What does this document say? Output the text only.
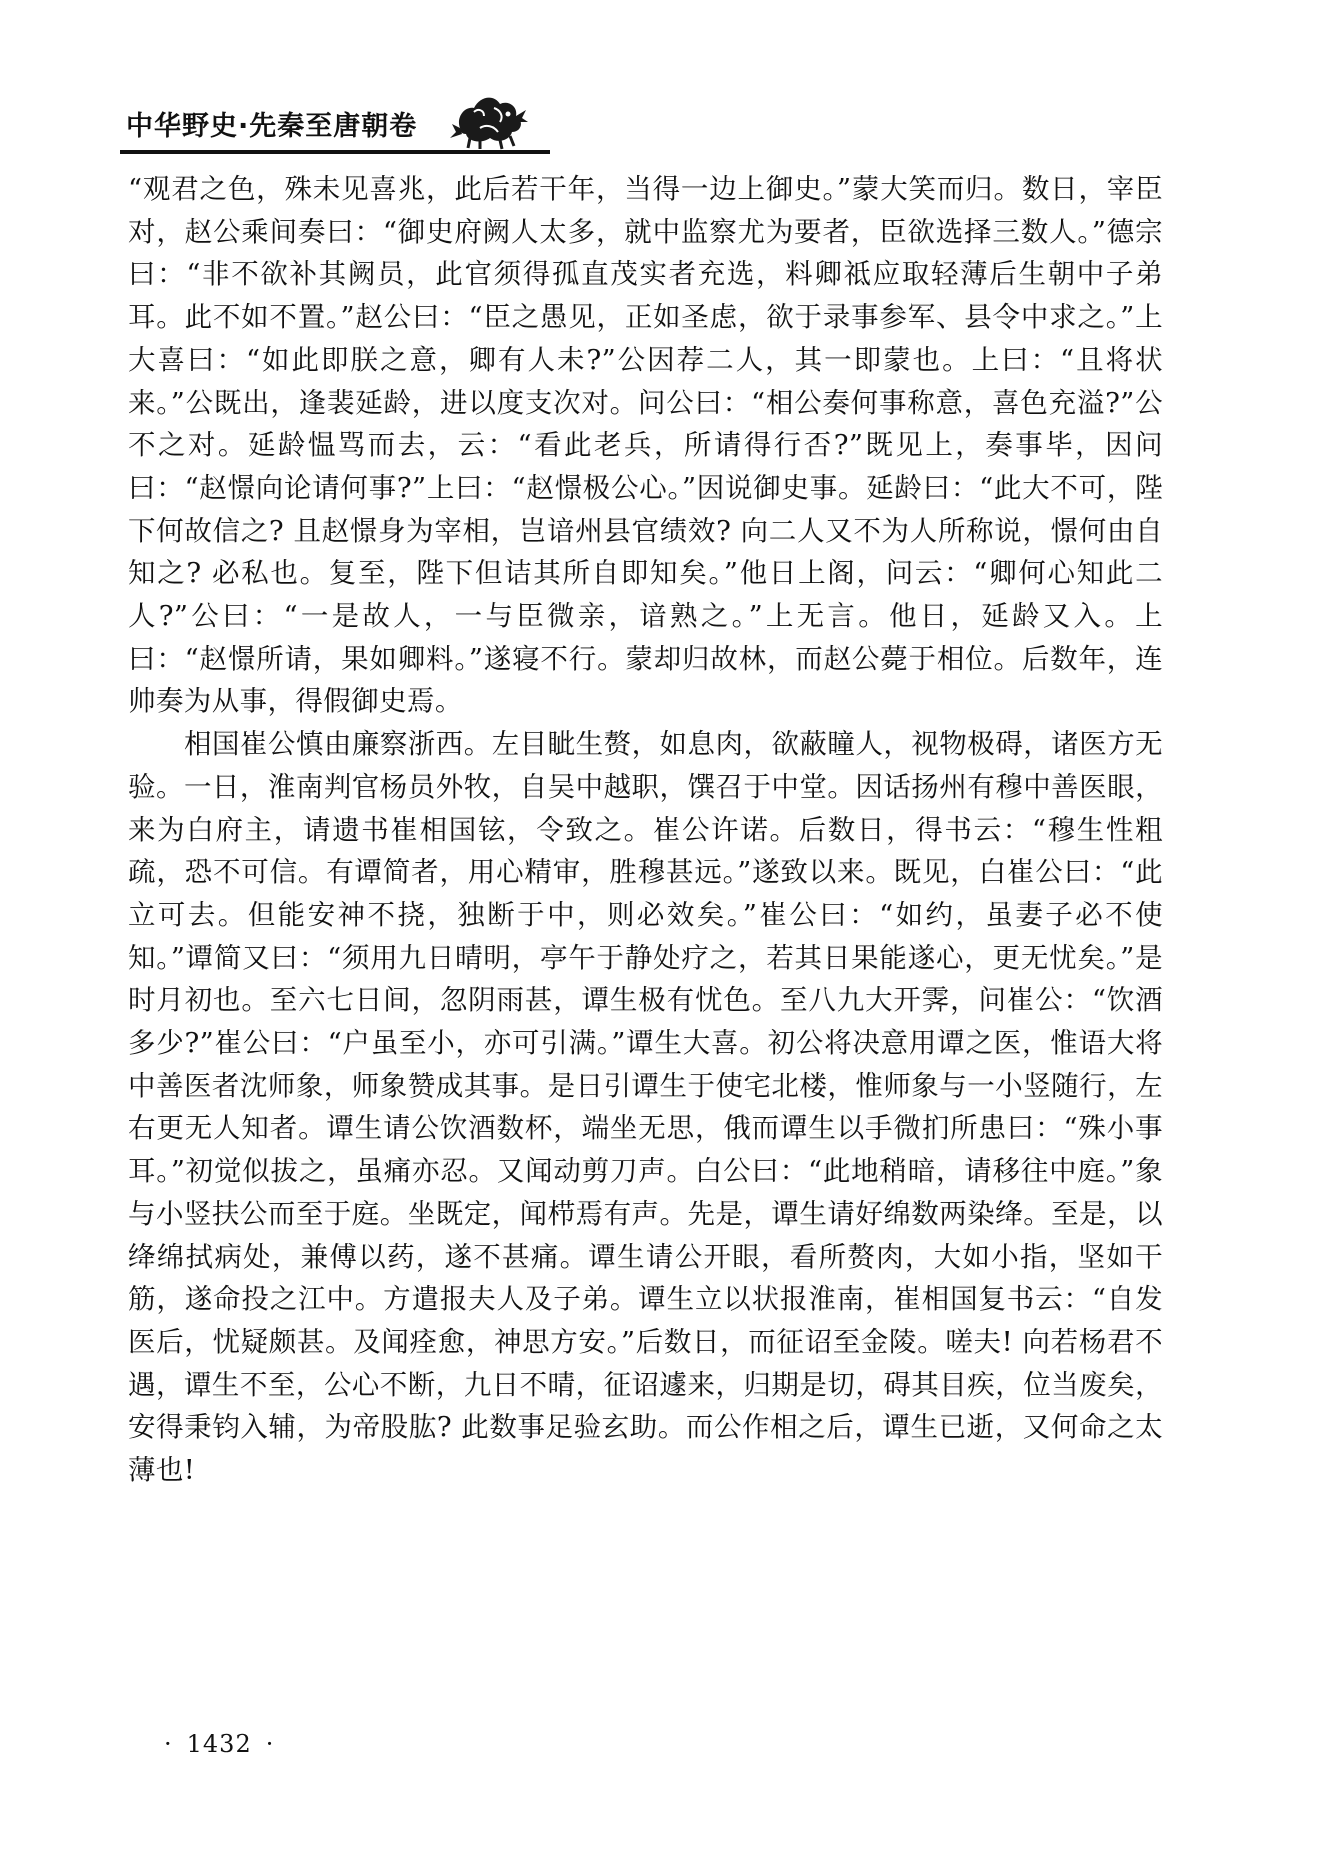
中华野史·先秦至唐朝卷

“观君之色，殊未见喜兆，此后若干年，当得一边上御史。”蒙大笑而归。数日，宰臣对，赵公乘间奏曰：“御史府阙人太多，就中监察尤为要者，臣欲选择三数人。”德宗曰：“非不欲补其阙员，此官须得孤直茂实者充选，料卿祗应取轻薄后生朝中子弟耳。此不如不置。”赵公曰：“臣之愚见，正如圣虑，欲于录事参军、县令中求之。”上大喜曰：“如此即朕之意，卿有人未?”公因荐二人，其一即蒙也。上曰：“且将状来。”公既出，逢裴延龄，进以度支次对。问公曰：“相公奏何事称意，喜色充溢?”公不之对。延龄愠骂而去，云：“看此老兵，所请得行否?”既见上，奏事毕，因问曰：“赵憬向论请何事?”上曰：“赵憬极公心。”因说御史事。延龄曰：“此大不可，陛下何故信之? 且赵憬身为宰相，岂谙州县官绩效? 向二人又不为人所称说，憬何由自知之? 必私也。复至，陛下但诘其所自即知矣。”他日上阁，问云：“卿何心知此二人?”公曰：“一是故人，一与臣微亲，谙熟之。”上无言。他日，延龄又入。上曰：“赵憬所请，果如卿料。”遂寝不行。蒙却归故林，而赵公薨于相位。后数年，连帅奏为从事，得假御史焉。

相国崔公慎由廉察浙西。左目眦生赘，如息肉，欲蔽瞳人，视物极碍，诸医方无验。一日，淮南判官杨员外牧，自吴中越职，馔召于中堂。因话扬州有穆中善医眼，来为白府主，请遗书崔相国铉，令致之。崔公许诺。后数日，得书云：“穆生性粗疏，恐不可信。有谭简者，用心精审，胜穆甚远。”遂致以来。既见，白崔公曰：“此立可去。但能安神不挠，独断于中，则必效矣。”崔公曰：“如约，虽妻子必不使知。”谭简又曰：“须用九日晴明，亭午于静处疗之，若其日果能遂心，更无忧矣。”是时月初也。至六七日间，忽阴雨甚，谭生极有忧色。至八九大开霁，问崔公：“饮酒多少?”崔公曰：“户虽至小，亦可引满。”谭生大喜。初公将决意用谭之医，惟语大将中善医者沈师象，师象赞成其事。是日引谭生于使宅北楼，惟师象与一小竖随行，左右更无人知者。谭生请公饮酒数杯，端坐无思，俄而谭生以手微扪所患曰：“殊小事耳。”初觉似拔之，虽痛亦忍。又闻动剪刀声。白公曰：“此地稍暗，请移往中庭。”象与小竖扶公而至于庭。坐既定，闻栉焉有声。先是，谭生请好绵数两染绛。至是，以绛绵拭病处，兼傅以药，遂不甚痛。谭生请公开眼，看所赘肉，大如小指，坚如干筋，遂命投之江中。方遣报夫人及子弟。谭生立以状报淮南，崔相国复书云：“自发医后，忧疑颇甚。及闻痊愈，神思方安。”后数日，而征诏至金陵。嗟夫! 向若杨君不遇，谭生不至，公心不断，九日不晴，征诏遽来，归期是切，碍其目疾，位当废矣，安得秉钧入辅，为帝股肱? 此数事足验玄助。而公作相之后，谭生已逝，又何命之太薄也!

· 1432 ·
